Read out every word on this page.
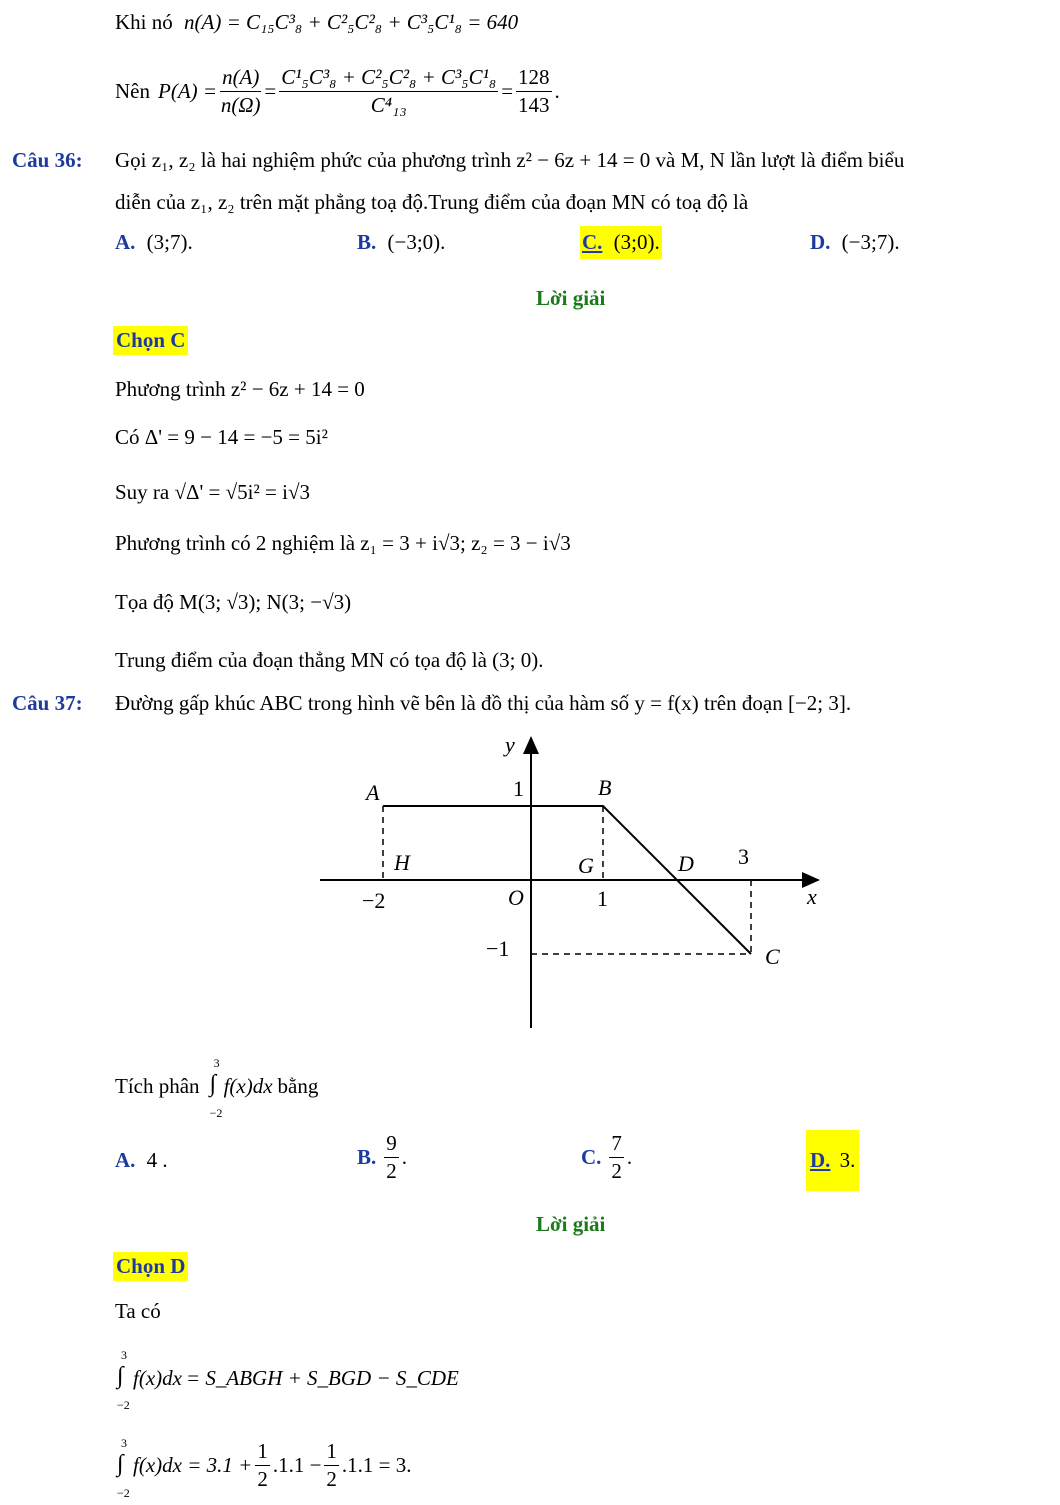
Khi nó n(A) = C₁₅C³₈ + C²₅C²₈ + C³₅C¹₈ = 640
Nên $P(A) = \frac{n(A)}{n(\Omega)} = \frac{\text{C¹₅C³₈ + C²₅C²₈ + C³₅C¹₈}}{\text{C⁴₁₃}} = \frac{128}{143}$ .
Câu 36: Gọi z₁, z₂ là hai nghiệm phức của phương trình z² − 6z + 14 = 0 và M, N lần lượt là điểm biểu
diễn của z₁, z₂ trên mặt phẳng toạ độ.Trung điểm của đoạn MN có toạ độ là
A. (3;7).	B. (−3;0).	C. (3;0).	D. (−3;7).
Lời giải
Chọn C
Phương trình z² − 6z + 14 = 0
Có Δ' = 9 − 14 = −5 = 5i²
Suy ra √Δ' = √5i² = i√3
Phương trình có 2 nghiệm là z₁ = 3 + i√3; z₂ = 3 − i√3
Tọa độ M(3; √3); N(3; −√3)
Trung điểm của đoạn thẳng MN có tọa độ là (3; 0).
Câu 37: Đường gấp khúc ABC trong hình vẽ bên là đồ thị của hàm số y = f(x) trên đoạn [−2; 3].
A	B
C
D
G
H
O	x
y
−2	1
3
1
−1
Tích phân
3
∫
−2
f(x)dx bằng
A. 4 .	B. $\frac{9}{2}$ .	C. $\frac{7}{2}$ .	D. 3.
Lời giải
Chọn D
Ta có
3
∫
−2
f(x)dx = S_ABGH + S_BGD − S_CDE
3
∫
−2
$f(x)dx = 3.1 + \frac{1}{2} .1.1 - \frac{1}{2} .1.1 = 3$.
